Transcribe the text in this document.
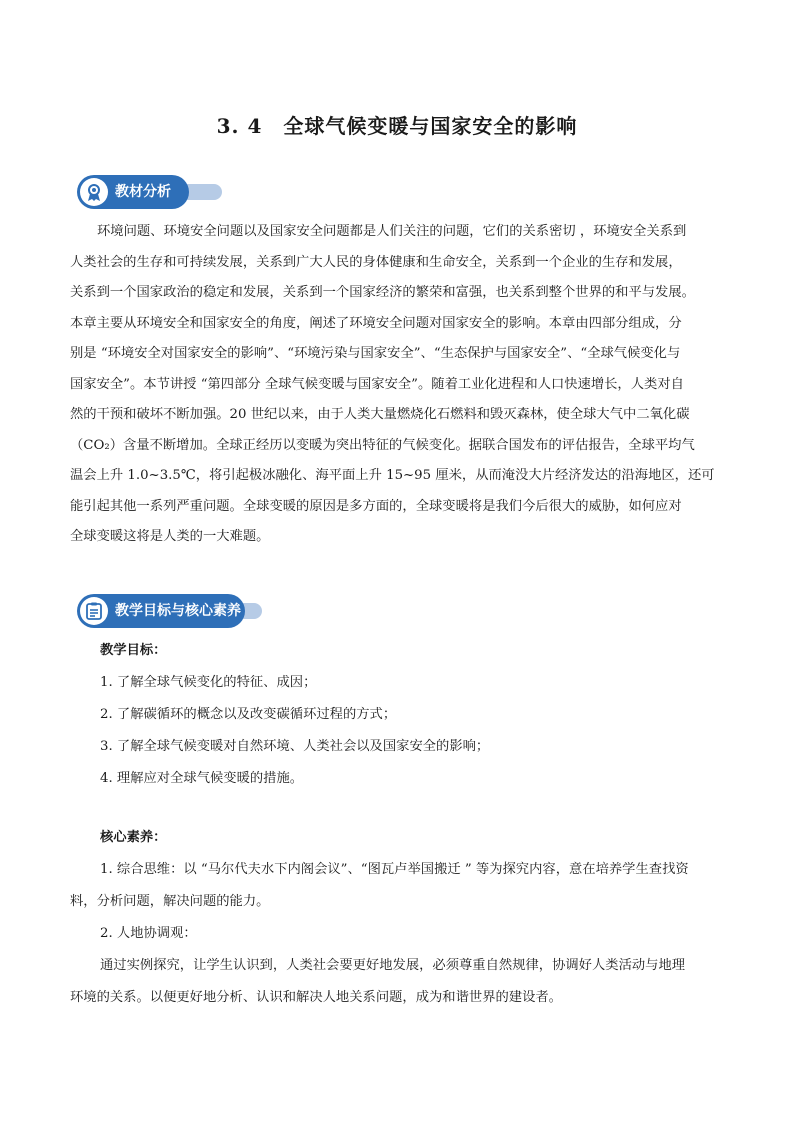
3. 4　全球气候变暖与国家安全的影响
教材分析
环境问题、环境安全问题以及国家安全问题都是人们关注的问题，它们的关系密切 ，环境安全关系到
人类社会的生存和可持续发展，关系到广大人民的身体健康和生命安全，关系到一个企业的生存和发展，
关系到一个国家政治的稳定和发展，关系到一个国家经济的繁荣和富强，也关系到整个世界的和平与发展。
本章主要从环境安全和国家安全的角度，阐述了环境安全问题对国家安全的影响。本章由四部分组成，分
别是 “环境安全对国家安全的影响”、“环境污染与国家安全”、“生态保护与国家安全”、“全球气候变化与
国家安全”。本节讲授 “第四部分 全球气候变暖与国家安全”。随着工业化进程和人口快速增长，人类对自
然的干预和破坏不断加强。20 世纪以来，由于人类大量燃烧化石燃料和毁灭森林，使全球大气中二氧化碳
（CO₂）含量不断增加。全球正经历以变暖为突出特征的气候变化。据联合国发布的评估报告，全球平均气
温会上升 1.0~3.5℃，将引起极冰融化、海平面上升 15~95 厘米，从而淹没大片经济发达的沿海地区，还可
能引起其他一系列严重问题。全球变暖的原因是多方面的，全球变暖将是我们今后很大的威胁，如何应对
全球变暖这将是人类的一大难题。
教学目标与核心素养
教学目标：
1. 了解全球气候变化的特征、成因；
2. 了解碳循环的概念以及改变碳循环过程的方式；
3. 了解全球气候变暖对自然环境、人类社会以及国家安全的影响；
4. 理解应对全球气候变暖的措施。
核心素养：
1. 综合思维：以 “马尔代夫水下内阁会议”、“图瓦卢举国搬迁 ” 等为探究内容，意在培养学生查找资
料，分析问题，解决问题的能力。
2. 人地协调观：
通过实例探究，让学生认识到，人类社会要更好地发展，必须尊重自然规律，协调好人类活动与地理
环境的关系。以便更好地分析、认识和解决人地关系问题，成为和谐世界的建设者。
